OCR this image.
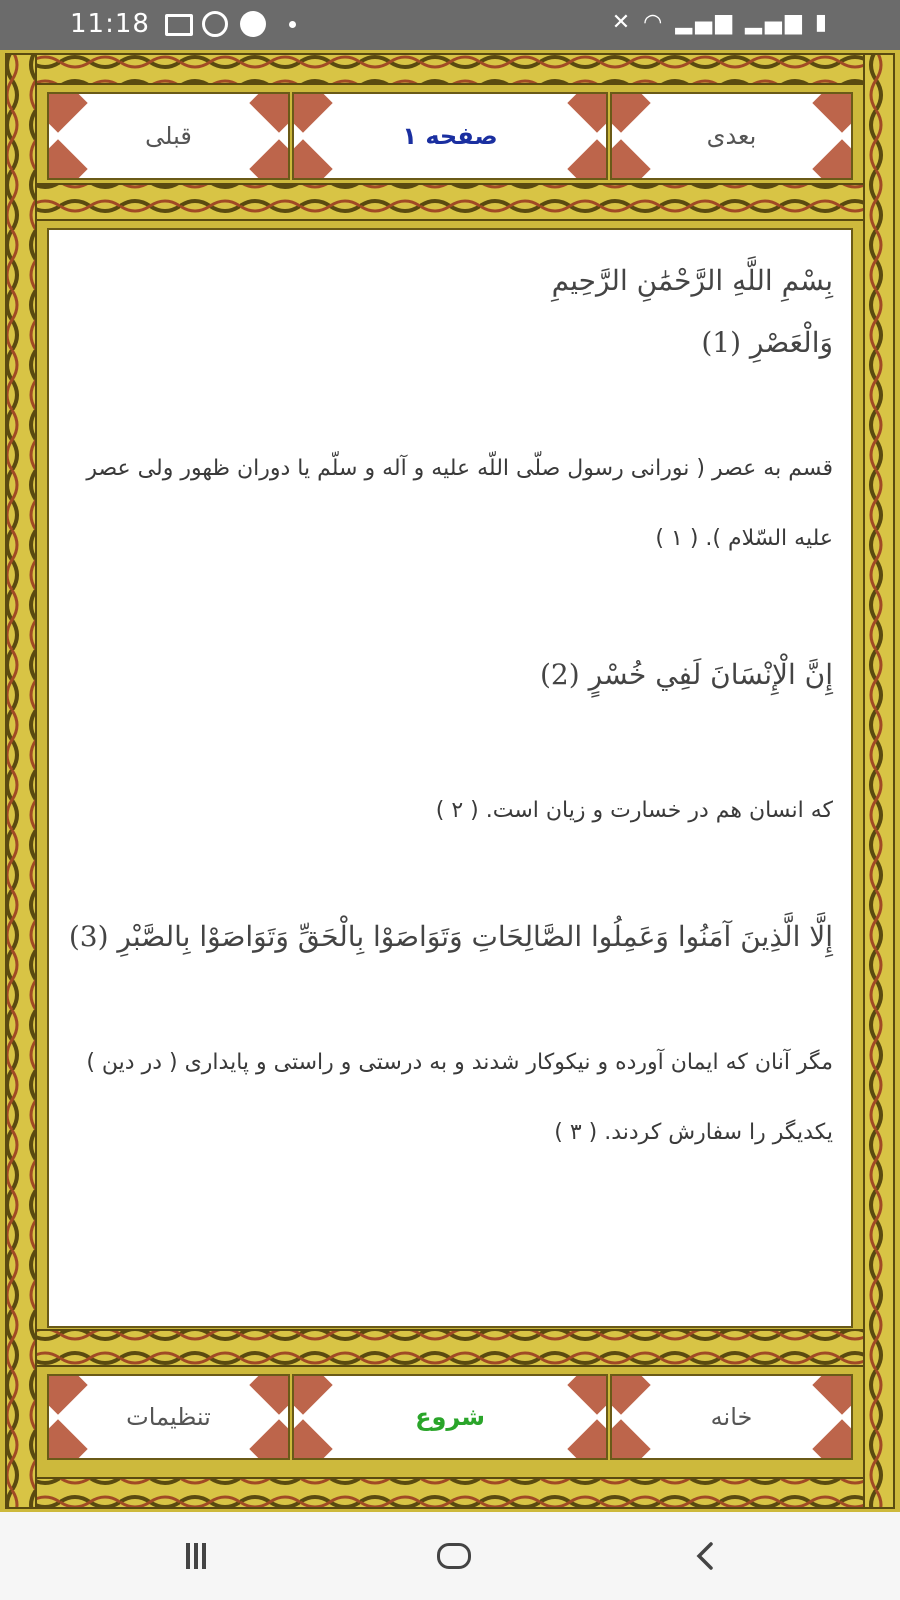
11:18	✕ ◠ ▂▄▆ ▂▄▆ ▮
بعدی
صفحه ۱
قبلی

بِسْمِ اللَّهِ الرَّحْمَٰنِ الرَّحِيمِ
وَالْعَصْرِ (1)

قسم به عصر ( نورانی رسول صلّی اللّه علیه و آله و سلّم یا دوران ظهور ولی عصر علیه السّلام ). ( ۱ )

إِنَّ الْإِنْسَانَ لَفِي خُسْرٍ (2)

که انسان هم در خسارت و زیان است. ( ۲ )

إِلَّا الَّذِينَ آمَنُوا وَعَمِلُوا الصَّالِحَاتِ وَتَوَاصَوْا بِالْحَقِّ وَتَوَاصَوْا بِالصَّبْرِ (3)

مگر آنان که ایمان آورده و نیکوکار شدند و به درستی و راستی و پایداری ( در دین ) یکدیگر را سفارش کردند. ( ۳ )

خانه
شروع
تنظیمات
